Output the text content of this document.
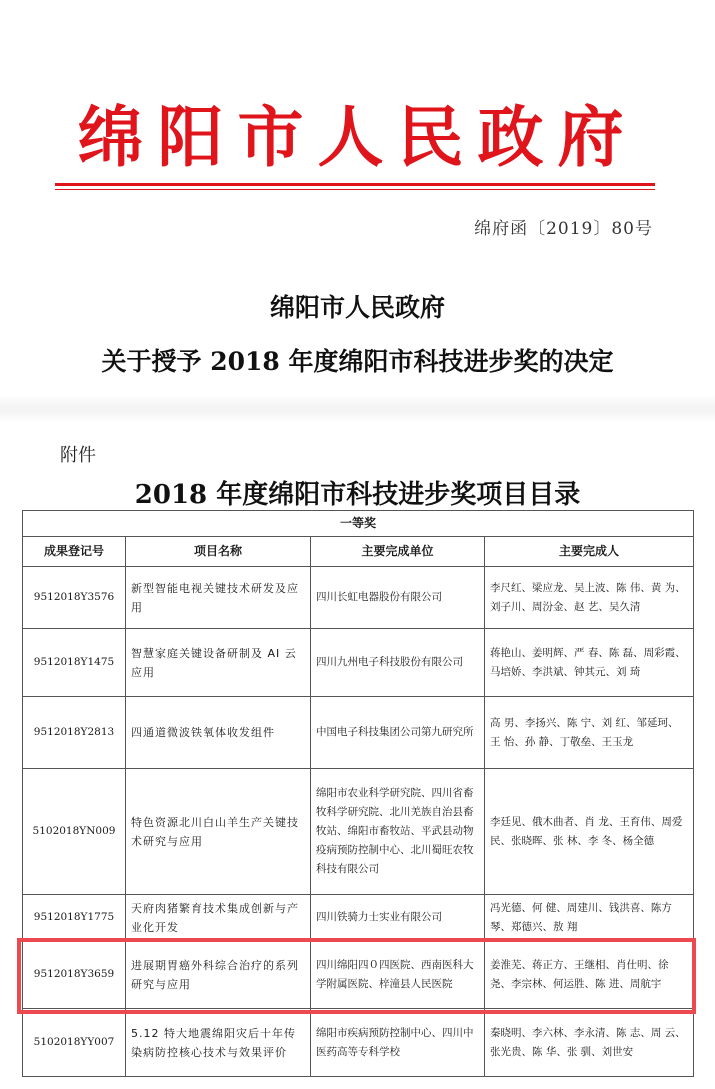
绵阳市人民政府
绵府函〔2019〕80号
绵阳市人民政府
关于授予 2018 年度绵阳市科技进步奖的决定
附件
2018 年度绵阳市科技进步奖项目目录
一等奖			
成果登记号	项目名称	主要完成单位	主要完成人
9512018Y3576	新型智能电视关键技术研发及应用	四川长虹电器股份有限公司	李尺红、梁应龙、吴上波、陈 伟、黄 为、刘子川、周汾金、赵 艺、吴久清
9512018Y1475	智慧家庭关键设备研制及 AI 云应用	四川九州电子科技股份有限公司	蒋艳山、姜明辉、严 春、陈 磊、周彩霞、马培娇、李洪斌、钟其元、刘 琦
9512018Y2813	四通道微波铁氧体收发组件	中国电子科技集团公司第九研究所	高 男、李扬兴、陈 宁、刘 红、邹延珂、王 怡、孙 静、丁敬垒、王玉龙
5102018YN009	特色资源北川白山羊生产关键技术研究与应用	绵阳市农业科学研究院、四川省畜牧科学研究院、北川羌族自治县畜牧站、绵阳市畜牧站、平武县动物疫病预防控制中心、北川蜀旺农牧科技有限公司	李廷见、俄木曲者、肖 龙、王育伟、周爱民、张晓晖、张 林、李 冬、杨全德
9512018Y1775	天府肉猪繁育技术集成创新与产业化开发	四川铁骑力士实业有限公司	冯光德、何 健、周建川、钱洪喜、陈方琴、郑德兴、敖 翔
9512018Y3659	进展期胃癌外科综合治疗的系列研究与应用	四川绵阳四０四医院、西南医科大学附属医院、梓潼县人民医院	姜淮芜、蒋正方、王继相、肖仕明、徐 尧、李宗林、何运胜、陈 进、周航宇
5102018YY007	5.12 特大地震绵阳灾后十年传染病防控核心技术与效果评价	绵阳市疾病预防控制中心、四川中医药高等专科学校	秦晓明、李六林、李永清、陈 志、周 云、张光贵、陈 华、张 驯、刘世安
